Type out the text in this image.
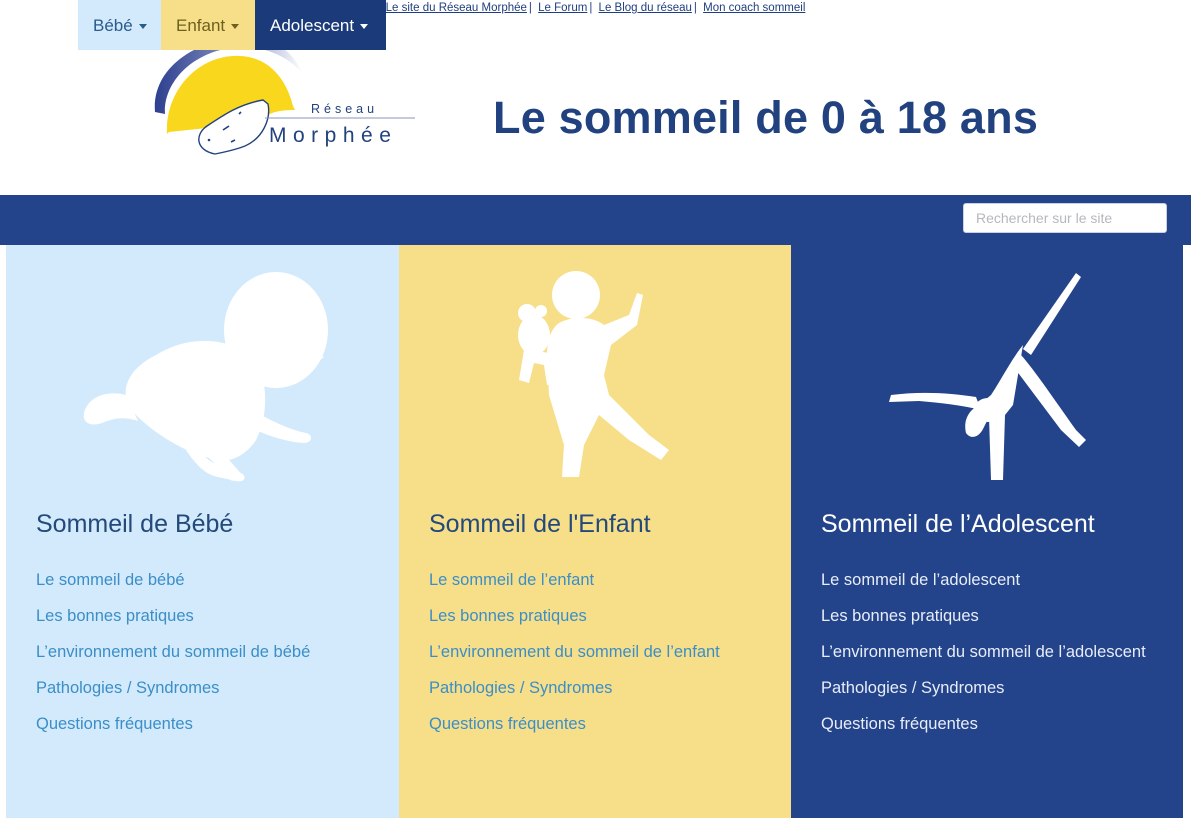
Le site du Réseau Morphée | Le Forum | Le Blog du réseau | Mon coach sommeil
Réseau
Morphée Le sommeil de 0 à 18 ans
Accueil	Bébé	Enfant	Adolescent	En savoir plus	Actus	Qui sommes-nous ?	Ressources
Rechercher sur le site
Sommeil de Bébé
Le sommeil de bébé
Les bonnes pratiques
L’environnement du sommeil de bébé
Pathologies / Syndromes
Questions fréquentes
Sommeil de l'Enfant
Le sommeil de l’enfant
Les bonnes pratiques
L’environnement du sommeil de l’enfant
Pathologies / Syndromes
Questions fréquentes
Sommeil de l’Adolescent
Le sommeil de l’adolescent
Les bonnes pratiques
L’environnement du sommeil de l’adolescent
Pathologies / Syndromes
Questions fréquentes
